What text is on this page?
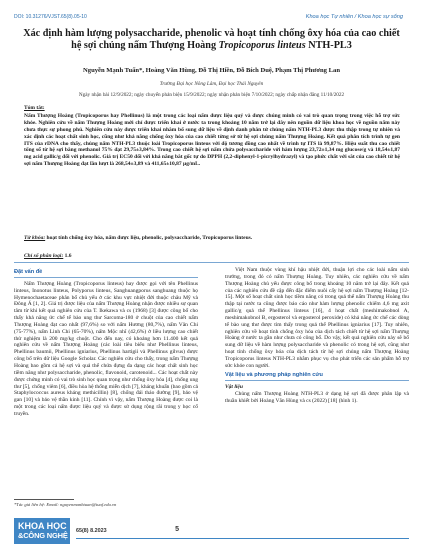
DOI: 10.31276/VJST.65(8).05-10	Khoa học Tự nhiên / Khoa học sự sống
Xác định hàm lượng polysaccharide, phenolic và hoạt tính chống ôxy hóa của cao chiết hệ sợi chủng nấm Thượng Hoàng Tropicoporus linteus NTH-PL3
Nguyễn Mạnh Tuấn*, Hoàng Văn Hùng, Đỗ Thị Hiền, Đỗ Bích Duệ, Phạm Thị Phương Lan
Trường Đại học Nông Lâm, Đại học Thái Nguyên
Ngày nhận bài 12/9/2022; ngày chuyển phản biện 15/9/2022; ngày nhận phản biện 7/10/2022; ngày chấp nhận đăng 11/10/2022
Tóm tắt:
Nấm Thượng Hoàng (Tropicoporus hay Phellinus) là một trong các loại nấm được liệu quý và được chúng minh có vai trò quan trọng trong việc hỗ trợ sức khỏe. Nghiên cứu về nấm Thượng Hoàng mới chỉ được triển khai ở nước ta trong khoảng 10 năm trở lại đây nên nguồn dữ liệu khoa học về nguồn nấm này chưa thực sự phong phú. Nghiên cứu này được triển khai nhằm bổ sung dữ liệu về định danh phân tử chủng nấm NTH-PL3 được thu thập trong tự nhiên và xác định các hoạt chất sinh học, cũng như khả năng chống ôxy hóa của cao chiết từng sở từ hệ sợi chủng nấm Thượng Hoàng. Kết quả phân tích trình tự gen ITS của rDNA cho thấy, chủng nấm NTH-PL3 thuộc loài Tropicoporus linteus với độ tương đồng cao nhất về trình tự ITS là 99,87%. Hiệu suất thu cao chiết tổng số từ hệ sợi bằng methanol 75% đạt 29,75±3,84%. Trong cao chiết hệ sợi nấm chứa polysaccharide với hàm lượng 23,72±1,34 mg glucose/g và 18,54±1,87 mg acid gallic/g đối với phenolic. Giá trị EC50 đối với khả năng bắt gốc tự do DPPH (2,2-diphenyl-1-picrylhydrazyl) và tạo phức chất với sắt của cao chiết từ hệ sợi nấm Thượng Hoàng đạt lần lượt là 268,54±3,89 và 411,65±10,87 µg/mL.
Từ khóa: hoạt tính chống ôxy hóa, nấm được liệu, phenolic, polysaccharide, Tropicoporus linteus.
Chỉ số phân loại: 1.6
Đặt vấn đề

Nấm Thượng Hoàng (Tropicoporus linteus) hay được gọi với tên Phellinus linteus, Inonotus linteus, Polyporus linteus, Sanghuangporus sanghuang thuộc họ Hymenochaetaceae phân bố chủ yếu ở các khu vực nhiệt đới thuộc châu Mỹ và Đông Á [1, 2]. Giá trị được liệu của nấm Thượng Hoàng nhận được nhiều sự quan tâm từ khi kết quả nghiên cứu của T. Ikekawa và cs (1968) [3] được công bố cho thấy khả năng ức chế tế bào ung thư Sarcoma-180 ở chuột của cao chiết nấm Thượng Hoàng đạt cao nhất (97,6%) so với nấm Hương (80,7%), nấm Vân Chi (75-77%), nấm Linh Chi (65-70%), nấm Mộc nhĩ (42,6%) ở liều lượng cao chiết thử nghiệm là 200 mg/kg chuột. Cho đến nay, có khoảng hơn 11.400 kết quả nghiên cứu về nấm Thượng Hoàng (các loài tiêu biểu như Phellinus linteus, Phellinus baumii, Phellinus igniarius, Phellinus hartigii và Phellinus gilvus) được công bố trên dữ liệu Google Scholar. Các nghiên cứu cho thấy, trong nấm Thượng Hoàng bao gồm cả hệ sợi và quả thể chứa đựng đa dạng các hoạt chất sinh học tiềm năng như polysaccharide, phenolic, flavonoid, carotenoid... Các hoạt chất này được chứng minh có vai trò sinh học quan trọng như chống ôxy hóa [4], chống ung thư [5], chống viêm [6], điều hòa hệ thống miễn dịch [7], kháng khuẩn (bao gồm cả Staphylococcus aureus kháng methicillin) [8], chống đái tháo đường [9], bảo vệ gan [10] và bảo vệ thần kinh [11]. Chính vì vậy, nấm Thượng Hoàng được coi là một trong các loại nấm được liệu quý và được sử dụng rộng rãi trong y học cổ truyền.

Việt Nam thuộc vùng khí hậu nhiệt đới, thuận lợi cho các loài nấm sinh trưởng, trong đó có nấm Thượng Hoàng. Tuy nhiên, các nghiên cứu về nấm Thượng Hoàng chủ yếu được công bố trong khoảng 10 năm trở lại đây. Kết quả của các nghiên cứu đề cập đến đặc điểm nuôi cấy hệ sợi nấm Thượng Hoàng [12-15]. Một số hoạt chất sinh học tiềm năng có trong quả thể nấm Thượng Hoàng thu thập tại nước ta cũng được báo cáo như hàm lượng phenolic chiếm 4,6 mg axit gallic/g quả thể Phellinus linteus [16], 4 hoạt chất (meshimakobnol A, meshimakobnol B, ergosterol và ergosterol peroxide) có khả năng ức chế các dòng tế bào ung thư được tìm thấy trong quả thể Phellinus igniarius [17]. Tuy nhiên, nghiên cứu về hoạt tính chống ôxy hóa của dịch tách chiết từ hệ sợi nấm Thượng Hoàng ở nước ta gần như chưa có công bố. Do vậy, kết quả nghiên cứu này sẽ bổ sung dữ liệu về hàm lượng polysaccharide và phenolic có trong hệ sợi, cũng như hoạt tính chống ôxy hóa của dịch tách từ hệ sợi chủng nấm Thượng Hoàng Tropicoporus linteus NTH-PL3 nhằm phục vụ cho phát triển các sản phẩm hỗ trợ sức khỏe con người.

Vật liệu và phương pháp nghiên cứu
Vật liệu

Chủng nấm Thượng Hoàng NTH-PL3 ở dạng hệ sợi đã được phân lập và thuần khiết bởi Hoàng Văn Hùng và cs (2022) [18] (hình 1).

*Tác giả liên hệ: Email: nguyenmanhtuan@tuaf.edu.vn
KHOA HỌC
&CÔNG NGHỆ	65(8) 8.2023	5
